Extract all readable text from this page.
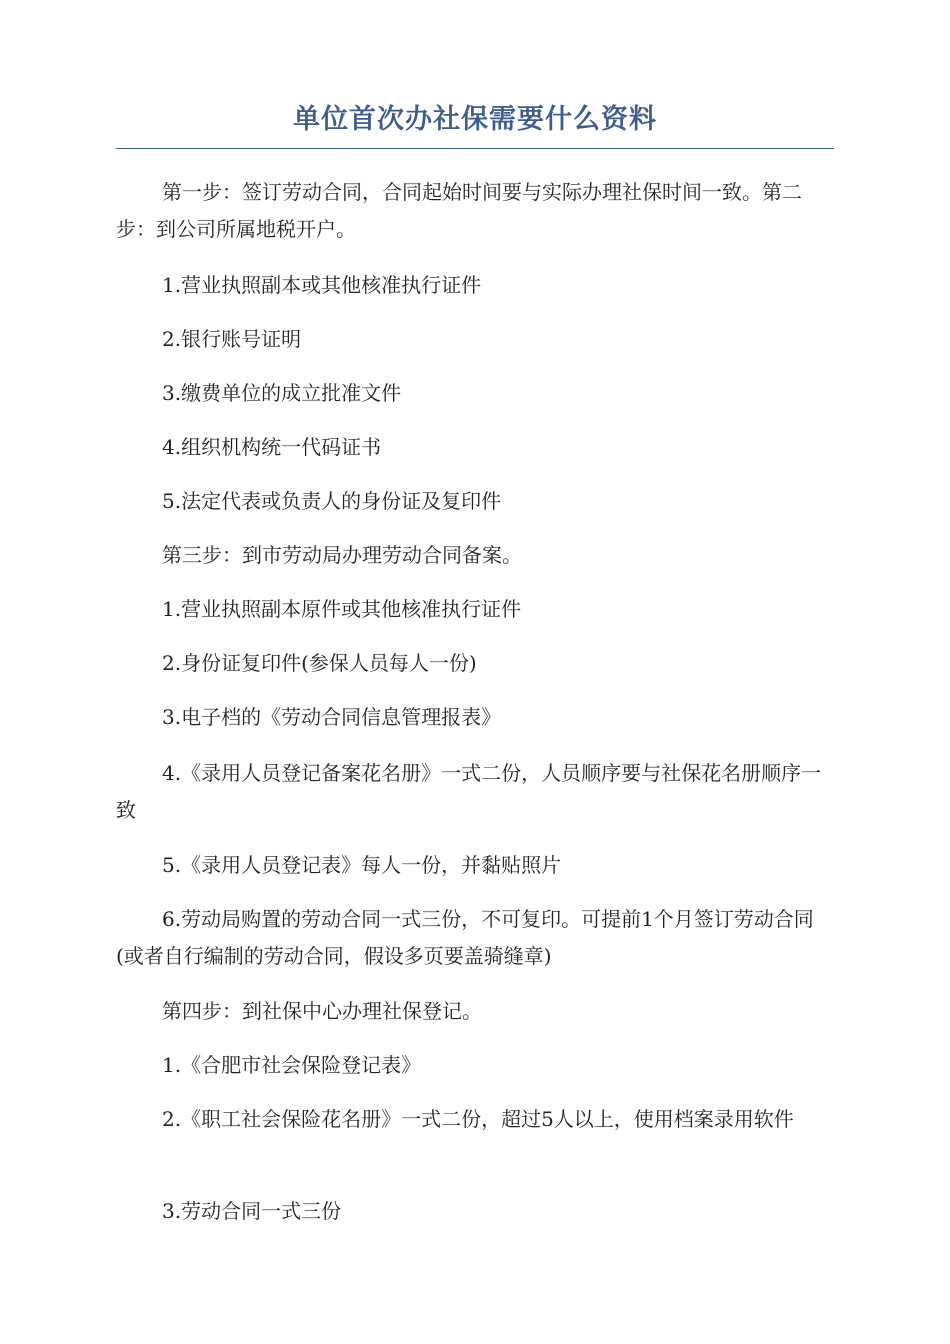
单位首次办社保需要什么资料

第一步：签订劳动合同，合同起始时间要与实际办理社保时间一致。第二步：到公司所属地税开户。

1.营业执照副本或其他核准执行证件

2.银行账号证明

3.缴费单位的成立批准文件

4.组织机构统一代码证书

5.法定代表或负责人的身份证及复印件

第三步：到市劳动局办理劳动合同备案。

1.营业执照副本原件或其他核准执行证件

2.身份证复印件(参保人员每人一份)

3.电子档的《劳动合同信息管理报表》

4.《录用人员登记备案花名册》一式二份，人员顺序要与社保花名册顺序一致

5.《录用人员登记表》每人一份，并黏贴照片

6.劳动局购置的劳动合同一式三份，不可复印。可提前1个月签订劳动合同(或者自行编制的劳动合同，假设多页要盖骑缝章)

第四步：到社保中心办理社保登记。

1.《合肥市社会保险登记表》

2.《职工社会保险花名册》一式二份，超过5人以上，使用档案录用软件

3.劳动合同一式三份
